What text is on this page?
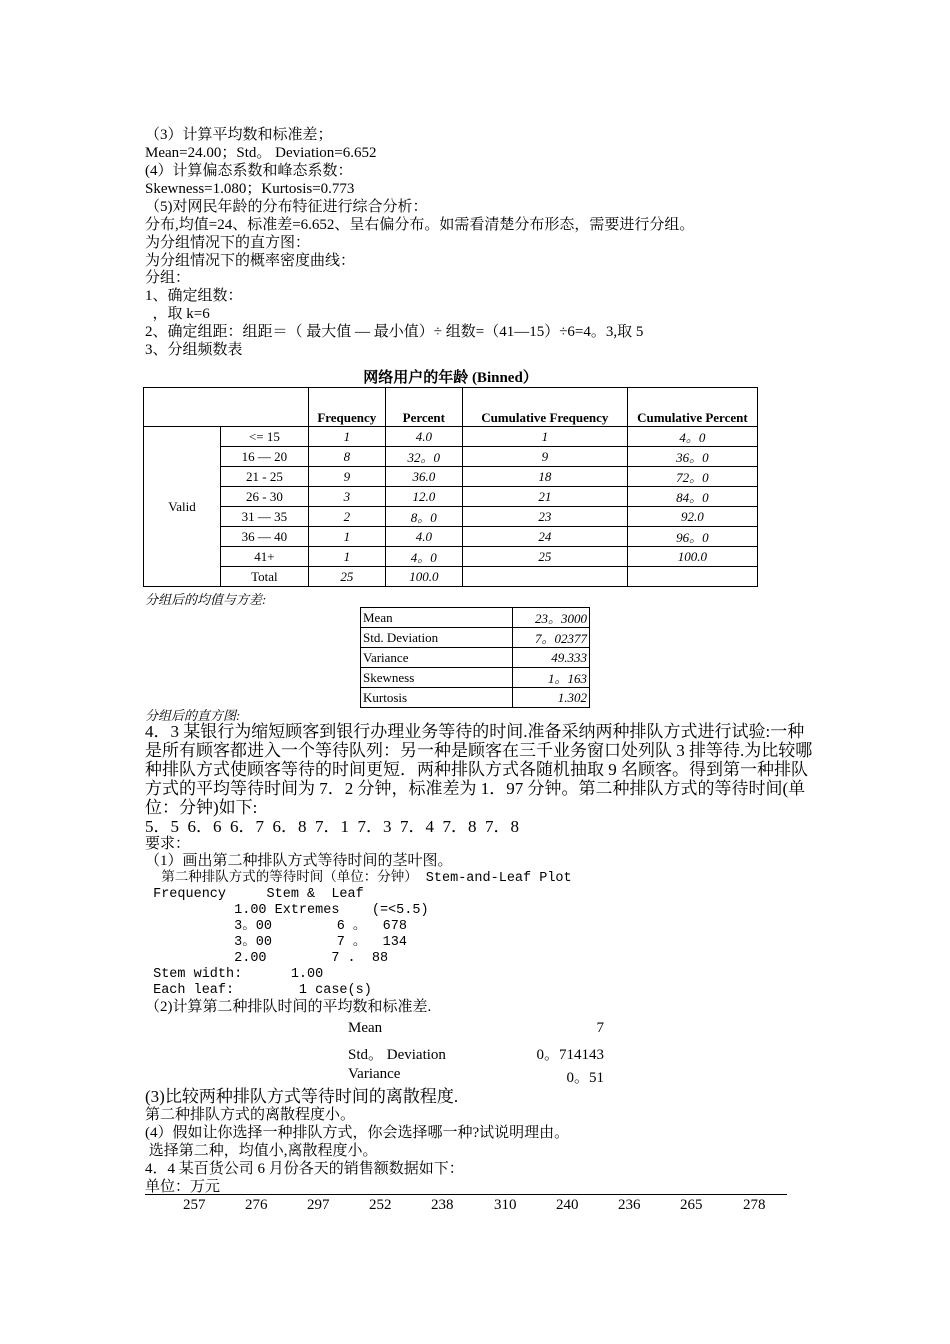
（3）计算平均数和标准差；
Mean=24.00；Std。 Deviation=6.652
(4）计算偏态系数和峰态系数：
Skewness=1.080；Kurtosis=0.773
（5)对网民年龄的分布特征进行综合分析：
分布,均值=24、标准差=6.652、呈右偏分布。如需看清楚分布形态，需要进行分组。
为分组情况下的直方图：
为分组情况下的概率密度曲线：
分组：
1、确定组数：
，取 k=6
2、确定组距：组距＝（ 最大值 — 最小值）÷ 组数=（41—15）÷6=4。3,取 5
3、分组频数表
网络用户的年龄 (Binned）
		Frequency	Percent	Cumulative Frequency	Cumulative Percent
Valid	<= 15	1	4.0	1	4。0
	16 — 20	8	32。0	9	36。0
	21 - 25	9	36.0	18	72。0
	26 - 30	3	12.0	21	84。0
	31 — 35	2	8。0	23	92.0
	36 — 40	1	4.0	24	96。0
	41+	1	4。0	25	100.0
	Total	25	100.0		
分组后的均值与方差:
Mean	23。3000
Std. Deviation	7。02377
Variance	49.333
Skewness	1。163
Kurtosis	1.302
分组后的直方图:
4．3 某银行为缩短顾客到银行办理业务等待的时间.准备采纳两种排队方式进行试验:一种
是所有顾客都进入一个等待队列：另一种是顾客在三千业务窗口处列队 3 排等待.为比较哪
种排队方式使顾客等待的时间更短．两种排队方式各随机抽取 9 名顾客。得到第一种排队
方式的平均等待时间为 7．2 分钟，标准差为 1．97 分钟。第二种排队方式的等待时间(单
位：分钟)如下:
5．5  6．6  6．7  6．8  7．1  7．3  7．4  7．8  7．8
要求：
（1）画出第二种排队方式等待时间的茎叶图。
第二种排队方式的等待时间（单位：分钟） Stem-and-Leaf Plot
Frequency     Stem &  Leaf
1.00 Extremes    (=<5.5)
3。00        6 。  678
3。00        7 。  134
2.00        7 .  88
Stem width:      1.00
Each leaf:        1 case(s)
（2)计算第二种排队时间的平均数和标准差.
Mean	7
Std。 Deviation	0。714143
Variance	0。51
(3)比较两种排队方式等待时间的离散程度.
第二种排队方式的离散程度小。
(4）假如让你选择一种排队方式，你会选择哪一种?试说明理由。
选择第二种，均值小,离散程度小。
4．4 某百货公司 6 月份各天的销售额数据如下：
单位：万元
257	276	297	252	238	310	240	236	265	278
